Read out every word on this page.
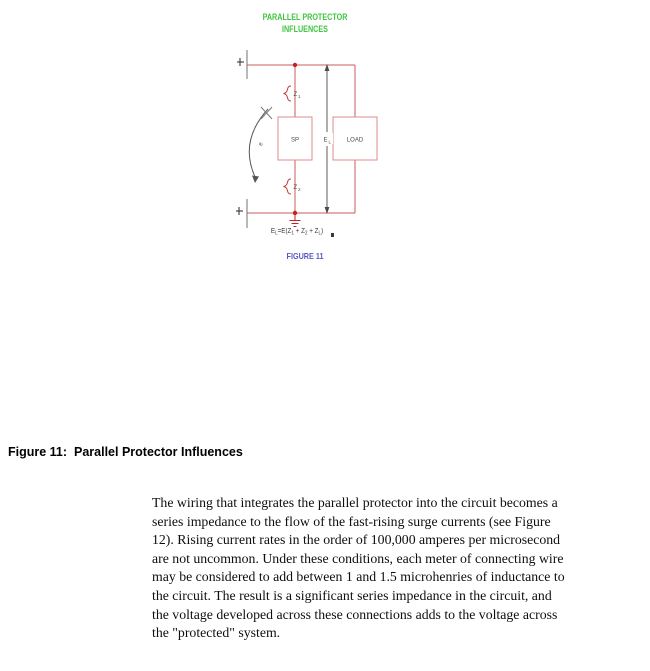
PARALLEL PROTECTOR
INFLUENCES
e
Z 1
Z 2
SP	LOAD
E L
$E_L=E(Z_1 + Z_2 + Z_L)$
FIGURE 11
Figure 11:  Parallel Protector Influences
The wiring that integrates the parallel protector into the circuit becomes a
series impedance to the flow of the fast-rising surge currents (see Figure
12). Rising current rates in the order of 100,000 amperes per microsecond
are not uncommon. Under these conditions, each meter of connecting wire
may be considered to add between 1 and 1.5 microhenries of inductance to
the circuit. The result is a significant series impedance in the circuit, and
the voltage developed across these connections adds to the voltage across
the "protected" system.
